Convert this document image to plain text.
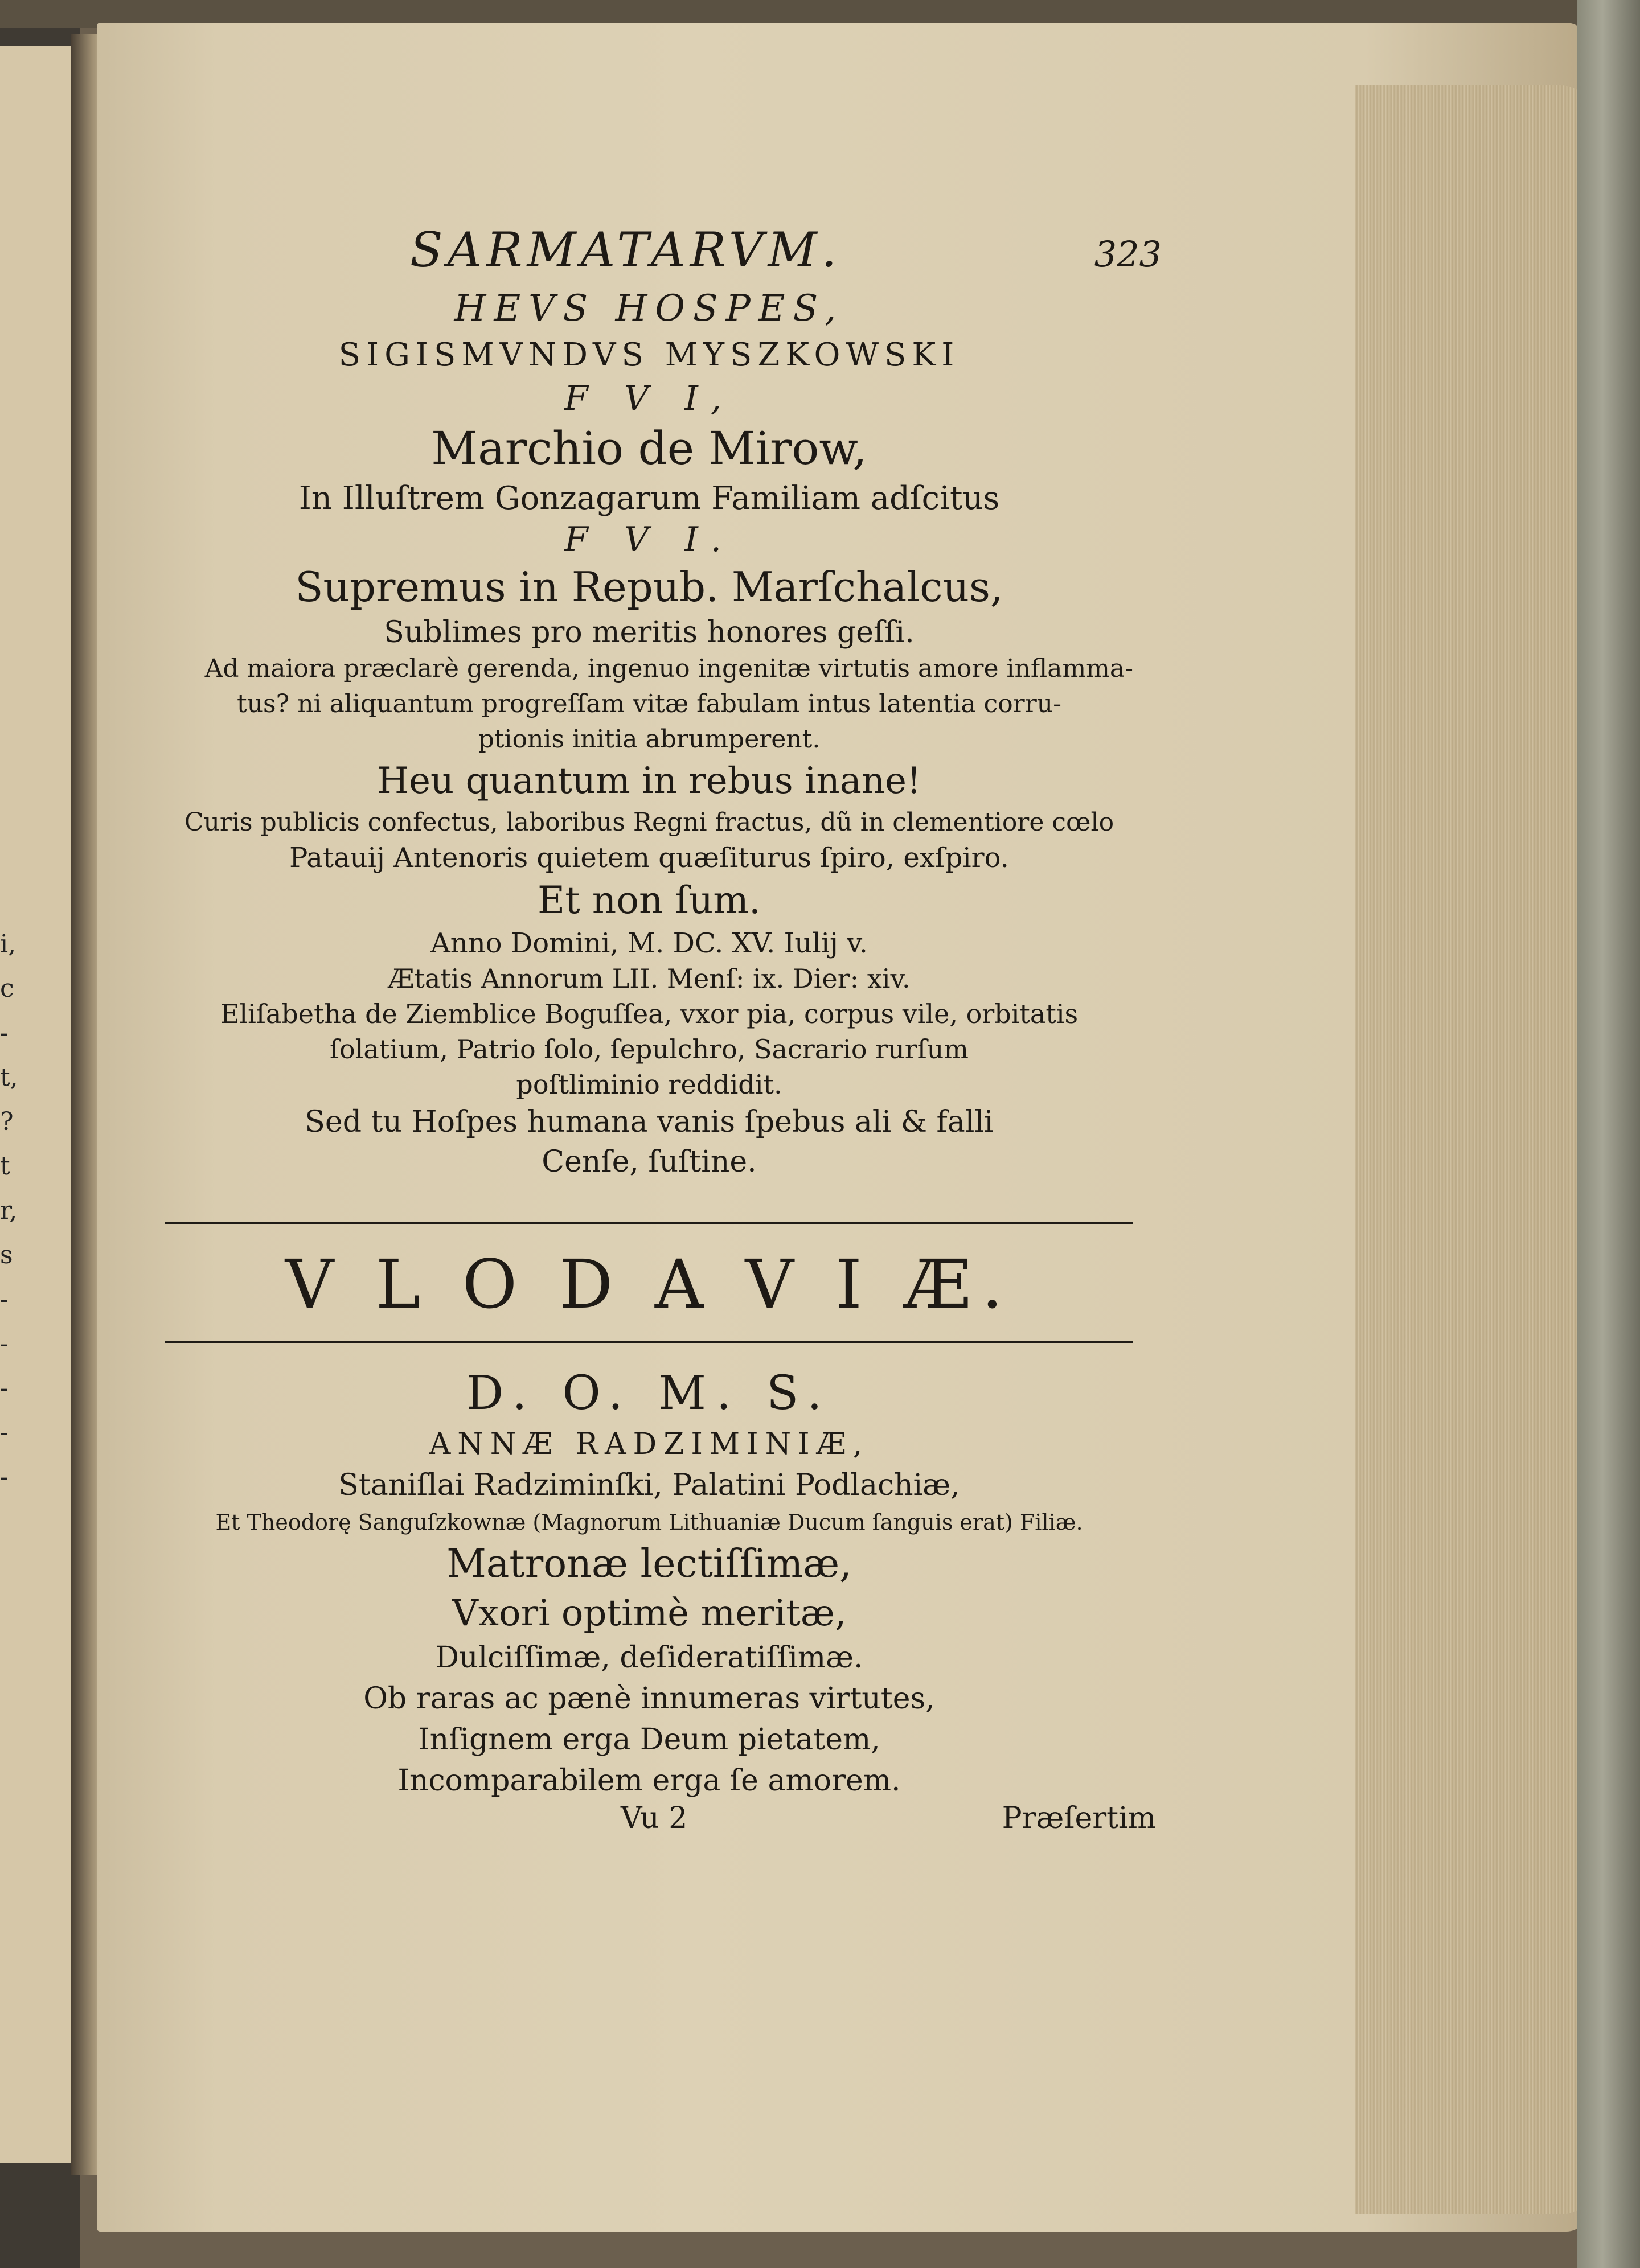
i,
c
-
t,
?
t
r,
s
-
-
-
-
-
SARMATARVM.	323
HEVS HOSPES,
SIGISMVNDVS MYSZKOWSKI
F V I,
Marchio de Mirow,
In Illuſtrem Gonzagarum Familiam adſcitus
F V I.
Supremus in Repub. Marſchalcus,
Sublimes pro meritis honores geſſi.
Ad maiora præclarè gerenda, ingenuo ingenitæ virtutis amore inflamma-
tus? ni aliquantum progreſſam vitæ fabulam intus latentia corru-
ptionis initia abrumperent.
Heu quantum in rebus inane!
Curis publicis confectus, laboribus Regni fractus, dũ in clementiore cœlo
Patauij Antenoris quietem quæſiturus ſpiro, exſpiro.
Et non ſum.
Anno Domini, M. DC. XV. Iulij v.
Ætatis Annorum LII. Menſ: ix. Dier: xiv.
Eliſabetha de Ziemblice Boguſſea, vxor pia, corpus vile, orbitatis
ſolatium, Patrio ſolo, ſepulchro, Sacrario rurſum
poſtliminio reddidit.
Sed tu Hoſpes humana vanis ſpebus ali & falli
Cenſe, ſuſtine.
V L O D A V I Æ.
D. O. M. S.
ANNÆ RADZIMINIÆ,
Staniſlai Radziminſki, Palatini Podlachiæ,
Et Theodorę Sanguſzkownæ (Magnorum Lithuaniæ Ducum ſanguis erat) Filiæ.
Matronæ lectiſſimæ,
Vxori optimè meritæ,
Dulciſſimæ, deſideratiſſimæ.
Ob raras ac pænè innumeras virtutes,
Inſignem erga Deum pietatem,
Incomparabilem erga ſe amorem.
Vu 2	Præſertim
